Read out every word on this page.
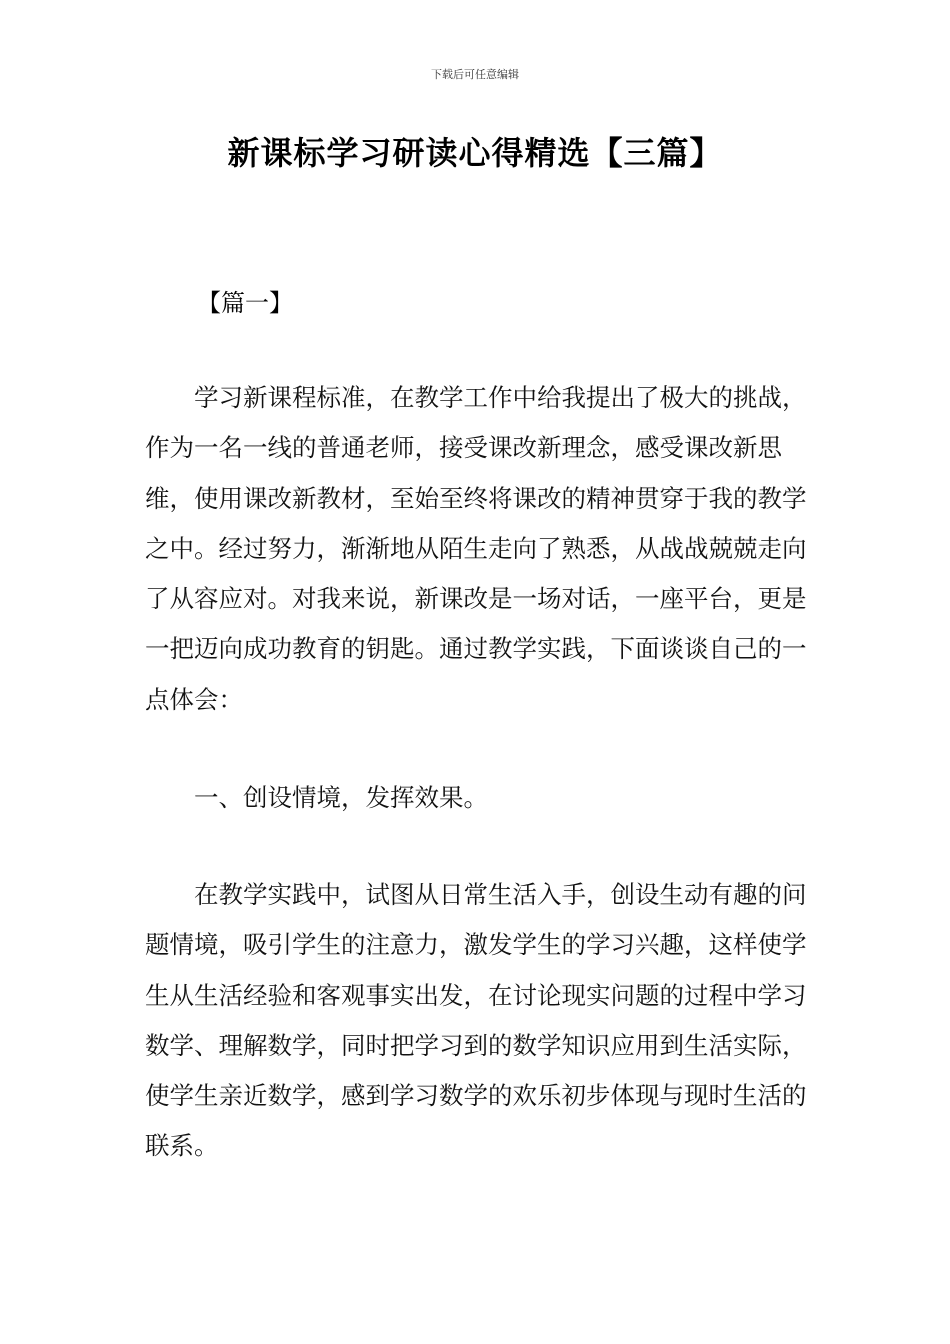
下载后可任意编辑
新课标学习研读心得精选【三篇】
【篇一】

学习新课程标准，在教学工作中给我提出了极大的挑战，作为一名一线的普通老师，接受课改新理念，感受课改新思维，使用课改新教材，至始至终将课改的精神贯穿于我的教学之中。经过努力，渐渐地从陌生走向了熟悉，从战战兢兢走向了从容应对。对我来说，新课改是一场对话，一座平台，更是一把迈向成功教育的钥匙。通过教学实践，下面谈谈自己的一点体会：

一、创设情境，发挥效果。

在教学实践中，试图从日常生活入手，创设生动有趣的问题情境，吸引学生的注意力，激发学生的学习兴趣，这样使学生从生活经验和客观事实出发，在讨论现实问题的过程中学习数学、理解数学，同时把学习到的数学知识应用到生活实际，使学生亲近数学，感到学习数学的欢乐初步体现与现时生活的联系。
